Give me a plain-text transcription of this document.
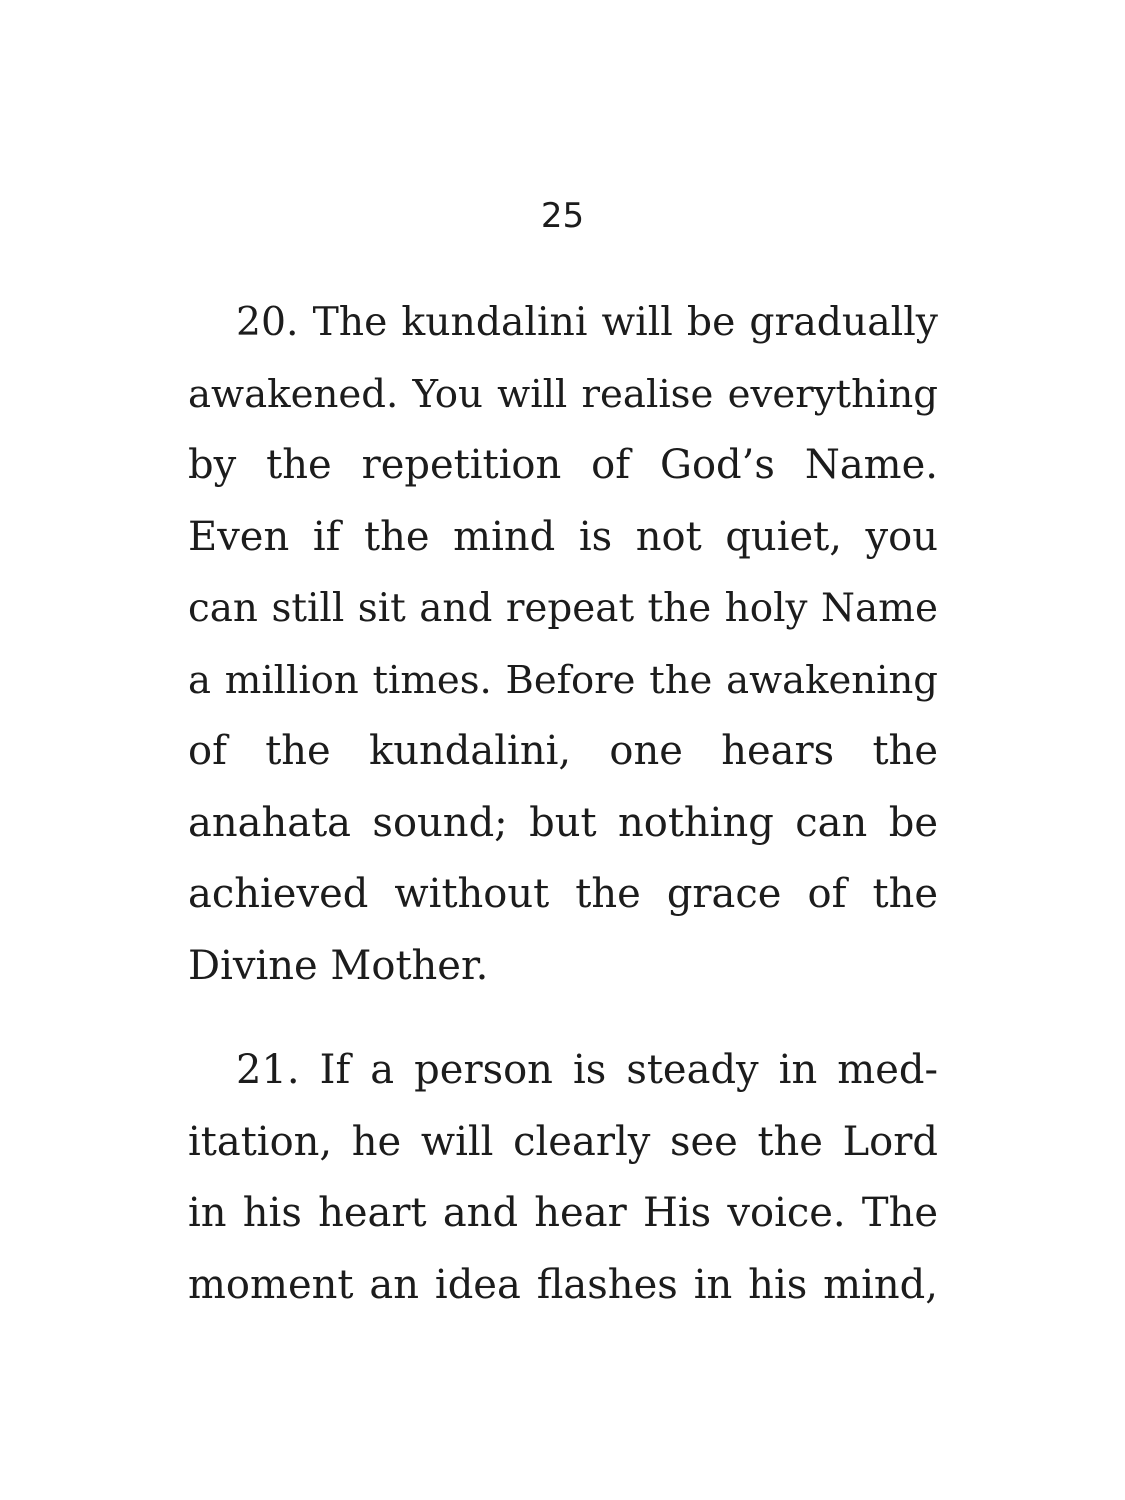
25
20. The kundalini will be gradually
awakened. You will realise everything
by the repetition of God’s Name.
Even if the mind is not quiet, you
can still sit and repeat the holy Name
a million times. Before the awakening
of the kundalini, one hears the
anahata sound; but nothing can be
achieved without the grace of the
Divine Mother.
21. If a person is steady in med-
itation, he will clearly see the Lord
in his heart and hear His voice. The
moment an idea flashes in his mind,
